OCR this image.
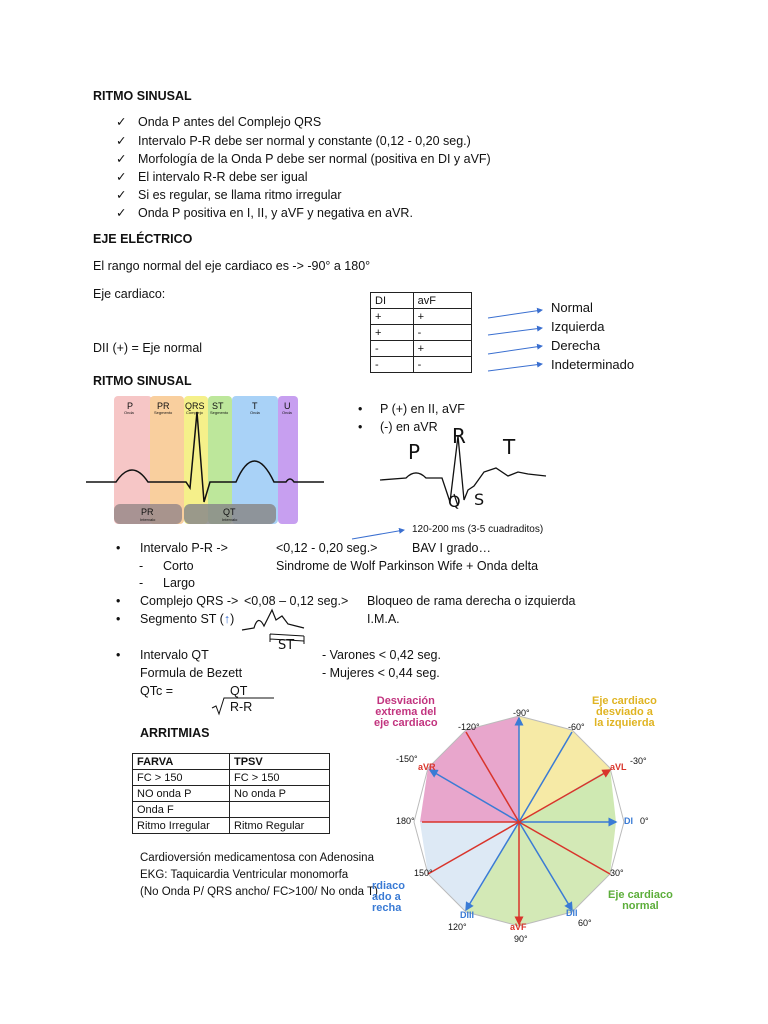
RITMO SINUSAL
✓ Onda P antes del Complejo QRS
✓ Intervalo P-R debe ser normal y constante (0,12 - 0,20 seg.)
✓ Morfología de la Onda P debe ser normal (positiva en DI y aVF)
✓ El intervalo R-R debe ser igual
✓ Si es regular, se llama ritmo irregular
✓ Onda P positiva en I, II, y aVF y negativa en aVR.
EJE ELÉCTRICO
El rango normal del eje cardiaco es -> -90° a 180°
Eje cardiaco:
DII (+) = Eje normal
DI	avF
+	+
+	-
-	+
-	-
Normal
Izquierda
Derecha
Indeterminado
RITMO SINUSAL
P	PR QRS ST	T	U
Onda	Segmento	Complejo Segmento	Onda	Onda
PR	QT
Intervalo	Intervalo
• P (+) en II, aVF
• (-) en aVR
P
R T
Q S
120-200 ms (3-5 cuadraditos)
• Intervalo P-R ->	<0,12 - 0,20 seg.>	BAV I grado…
- Corto	Sindrome de Wolf Parkinson Wife + Onda delta
- Largo
• Complejo QRS -> <0,08 – 0,12 seg.> Bloqueo de rama derecha o izquierda
• Segmento ST (↑)	I.M.A.
ST
• Intervalo QT	- Varones < 0,42 seg.
Formula de Bezett	- Mujeres < 0,44 seg.
QTc =	QT
R-R
ARRITMIAS
FARVA	TPSV
FC > 150	FC > 150
NO onda P	No onda P
Onda F	
Ritmo Irregular	Ritmo Regular
Cardioversión medicamentosa con Adenosina
EKG: Taquicardia Ventricular monomorfa
(No Onda P/ QRS ancho/ FC>100/ No onda T)
Desviación
extrema del
eje cardiaco
Eje cardiaco
desviado a
la izquierda
Eje cardiaco
normal
rdiaco
ado a
recha
-90°
-60°
-30°
0°
30°
60°
90°
120°
150°
180°
-150°
-120°
aVR	aVL
DI
DII
aVF
DIII
